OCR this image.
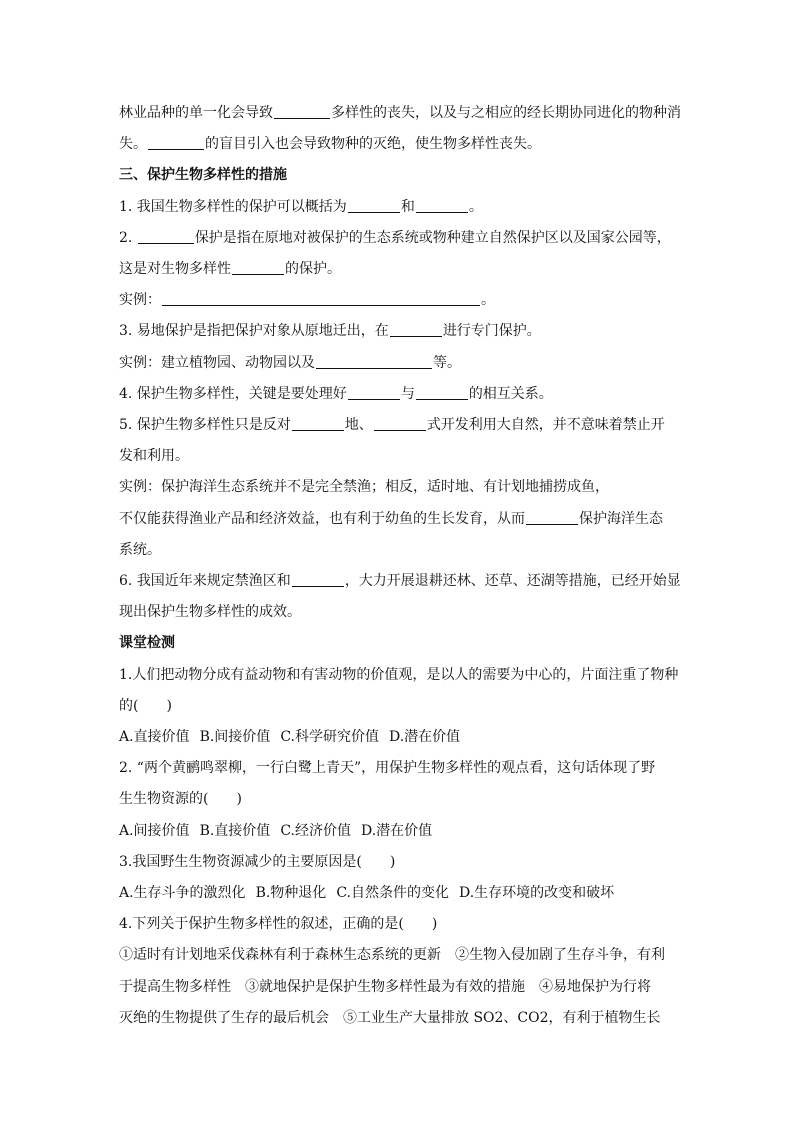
林业品种的单一化会导致	多样性的丧失，以及与之相应的经长期协同进化的物种消
失。	的盲目引入也会导致物种的灭绝，使生物多样性丧失。
三、保护生物多样性的措施
1. 我国生物多样性的保护可以概括为	和	。
2.	保护是指在原地对被保护的生态系统或物种建立自然保护区以及国家公园等，
这是对生物多样性	的保护。
实例：	。
3. 易地保护是指把保护对象从原地迁出，在	进行专门保护。
实例：建立植物园、动物园以及	等。
4. 保护生物多样性，关键是要处理好	与	的相互关系。
5. 保护生物多样性只是反对	地、	式开发利用大自然，并不意味着禁止开
发和利用。
实例：保护海洋生态系统并不是完全禁渔；相反，适时地、有计划地捕捞成鱼，
不仅能获得渔业产品和经济效益，也有利于幼鱼的生长发育，从而	保护海洋生态
系统。
6. 我国近年来规定禁渔区和	，大力开展退耕还林、还草、还湖等措施，已经开始显
现出保护生物多样性的成效。
课堂检测
1.人们把动物分成有益动物和有害动物的价值观，是以人的需要为中心的，片面注重了物种
的(　　)
A.直接价值 B.间接价值 C.科学研究价值 D.潜在价值
2. “两个黄鹂鸣翠柳，一行白鹭上青天”，用保护生物多样性的观点看，这句话体现了野
生生物资源的(　　)
A.间接价值 B.直接价值 C.经济价值 D.潜在价值
3.我国野生生物资源减少的主要原因是(　　)
A.生存斗争的激烈化 B.物种退化 C.自然条件的变化 D.生存环境的改变和破坏
4.下列关于保护生物多样性的叙述，正确的是(　　)
①适时有计划地采伐森林有利于森林生态系统的更新 ②生物入侵加剧了生存斗争，有利
于提高生物多样性 ③就地保护是保护生物多样性最为有效的措施 ④易地保护为行将
灭绝的生物提供了生存的最后机会 ⑤工业生产大量排放 SO2、CO2，有利于植物生长
